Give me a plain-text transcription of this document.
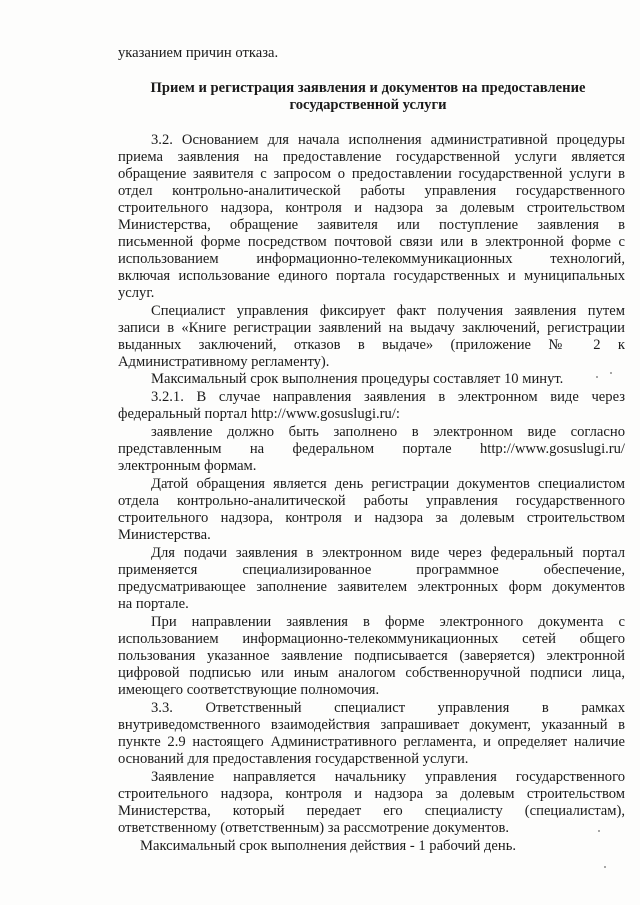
указанием причин отказа.
Прием и регистрация заявления и документов на предоставление
государственной услуги
3.2. Основанием для начала исполнения административной процедуры
приема заявления на предоставление государственной услуги является
обращение заявителя с запросом о предоставлении государственной услуги в
отдел контрольно-аналитической работы управления государственного
строительного надзора, контроля и надзора за долевым строительством
Министерства, обращение заявителя или поступление заявления в
письменной форме посредством почтовой связи или в электронной форме с
использованием информационно-телекоммуникационных технологий,
включая использование единого портала государственных и муниципальных
услуг.
Специалист управления фиксирует факт получения заявления путем
записи в «Книге регистрации заявлений на выдачу заключений, регистрации
выданных заключений, отказов в выдаче» (приложение № 2 к
Административному регламенту).
Максимальный срок выполнения процедуры составляет 10 минут.
3.2.1. В случае направления заявления в электронном виде через
федеральный портал http://www.gosuslugi.ru/:
заявление должно быть заполнено в электронном виде согласно
представленным на федеральном портале http://www.gosuslugi.ru/
электронным формам.
Датой обращения является день регистрации документов специалистом
отдела контрольно-аналитической работы управления государственного
строительного надзора, контроля и надзора за долевым строительством
Министерства.
Для подачи заявления в электронном виде через федеральный портал
применяется специализированное программное обеспечение,
предусматривающее заполнение заявителем электронных форм документов
на портале.
При направлении заявления в форме электронного документа с
использованием информационно-телекоммуникационных сетей общего
пользования указанное заявление подписывается (заверяется) электронной
цифровой подписью или иным аналогом собственноручной подписи лица,
имеющего соответствующие полномочия.
3.3. Ответственный специалист управления в рамках
внутриведомственного взаимодействия запрашивает документ, указанный в
пункте 2.9 настоящего Административного регламента, и определяет наличие
оснований для предоставления государственной услуги.
Заявление направляется начальнику управления государственного
строительного надзора, контроля и надзора за долевым строительством
Министерства, который передает его специалисту (специалистам),
ответственному (ответственным) за рассмотрение документов.
Максимальный срок выполнения действия - 1 рабочий день.
